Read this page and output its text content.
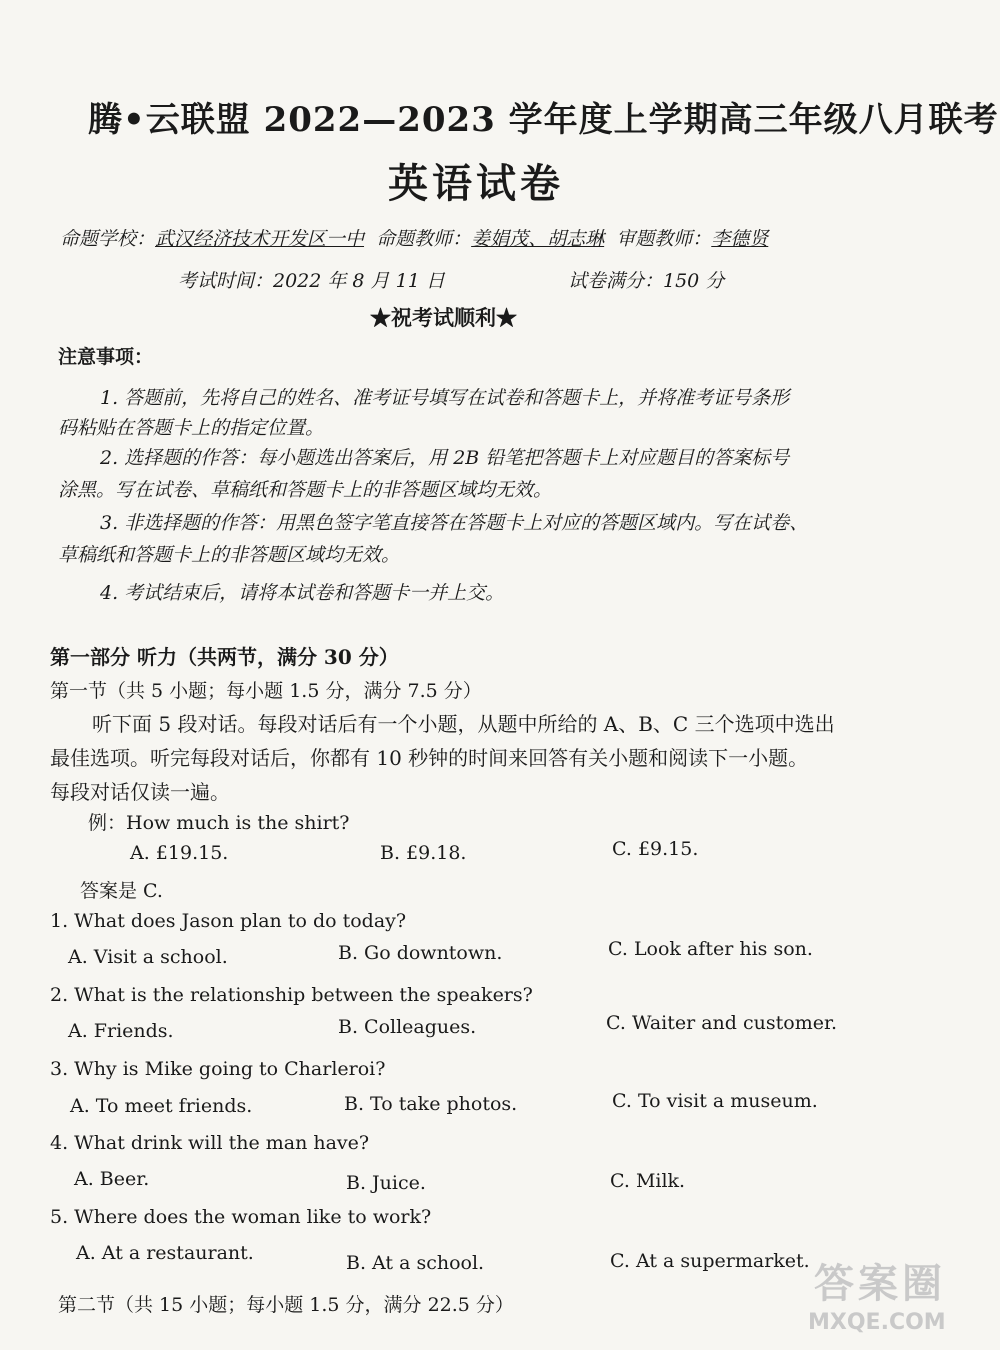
腾•云联盟 2022—2023 学年度上学期高三年级八月联考
英语试卷
命题学校：武汉经济技术开发区一中 命题教师：姜娟茂、胡志琳 审题教师：李德贤
考试时间：2022 年 8 月 11 日	试卷满分：150 分
★祝考试顺利★
注意事项：
1. 答题前，先将自己的姓名、准考证号填写在试卷和答题卡上，并将准考证号条形
码粘贴在答题卡上的指定位置。
2. 选择题的作答：每小题选出答案后，用 2B 铅笔把答题卡上对应题目的答案标号
涂黑。写在试卷、草稿纸和答题卡上的非答题区域均无效。
3. 非选择题的作答：用黑色签字笔直接答在答题卡上对应的答题区域内。写在试卷、
草稿纸和答题卡上的非答题区域均无效。
4. 考试结束后，请将本试卷和答题卡一并上交。
第一部分 听力（共两节，满分 30 分）
第一节（共 5 小题；每小题 1.5 分，满分 7.5 分）
听下面 5 段对话。每段对话后有一个小题，从题中所给的 A、B、C 三个选项中选出
最佳选项。听完每段对话后，你都有 10 秒钟的时间来回答有关小题和阅读下一小题。
每段对话仅读一遍。
例：How much is the shirt?
A. £19.15.	B. £9.18.	C. £9.15.
答案是 C.
1. What does Jason plan to do today?
A. Visit a school.	B. Go downtown.	C. Look after his son.
2. What is the relationship between the speakers?
A. Friends.	B. Colleagues.	C. Waiter and customer.
3. Why is Mike going to Charleroi?
A. To meet friends.	B. To take photos.	C. To visit a museum.
4. What drink will the man have?
A. Beer.	B. Juice.	C. Milk.
5. Where does the woman like to work?
A. At a restaurant.	B. At a school.	C. At a supermarket.
第二节（共 15 小题；每小题 1.5 分，满分 22.5 分）	答案圈
MXQE.COM
